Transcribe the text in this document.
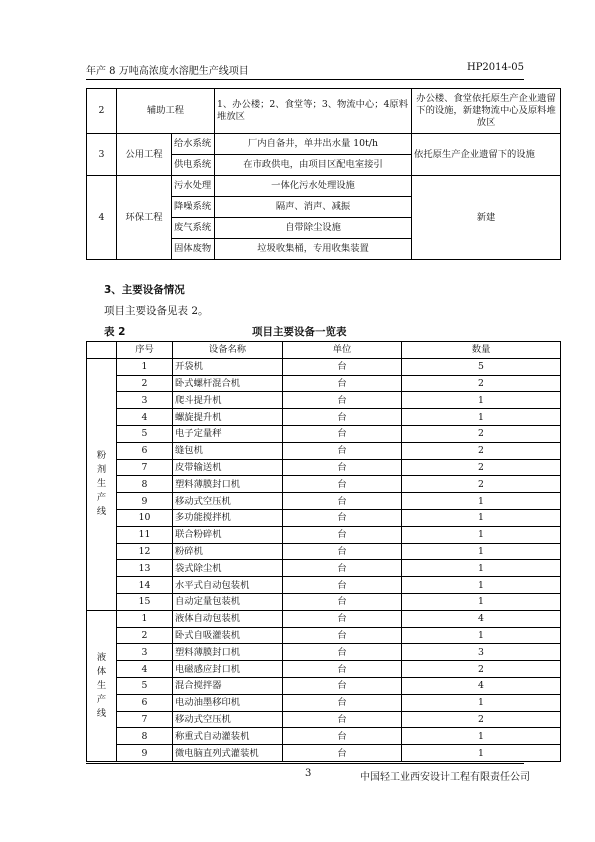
年产 8 万吨高浓度水溶肥生产线项目	HP2014-05
2	辅助工程		1、办公楼；2、食堂等；3、物流中心；4原料堆放区	办公楼、食堂依托原生产企业遗留下的设施，新建物流中心及原料堆放区
3	公用工程	给水系统	厂内自备井，单井出水量 10t/h	依托原生产企业遗留下的设施
		供电系统	在市政供电，由项目区配电室接引	
4	环保工程	污水处理	一体化污水处理设施	新建
		降噪系统	隔声、消声、减振	
		废气系统	自带除尘设施	
		固体废物	垃圾收集桶，专用收集装置	
3、主要设备情况
项目主要设备见表 2。
表 2	项目主要设备一览表
	序号	设备名称	单位	数量
粉剂生产线	1	开袋机	台	5
	2	卧式螺杆混合机	台	2
	3	爬斗提升机	台	1
	4	螺旋提升机	台	1
	5	电子定量秤	台	2
	6	缝包机	台	2
	7	皮带输送机	台	2
	8	塑料薄膜封口机	台	2
	9	移动式空压机	台	1
	10	多功能搅拌机	台	1
	11	联合粉碎机	台	1
	12	粉碎机	台	1
	13	袋式除尘机	台	1
	14	水平式自动包装机	台	1
	15	自动定量包装机	台	1
液体生产线	1	液体自动包装机	台	4
	2	卧式自吸灌装机	台	1
	3	塑料薄膜封口机	台	3
	4	电磁感应封口机	台	2
	5	混合搅拌器	台	4
	6	电动油墨移印机	台	1
	7	移动式空压机	台	2
	8	称重式自动灌装机	台	1
	9	微电脑直列式灌装机	台	1
3	中国轻工业西安设计工程有限责任公司
